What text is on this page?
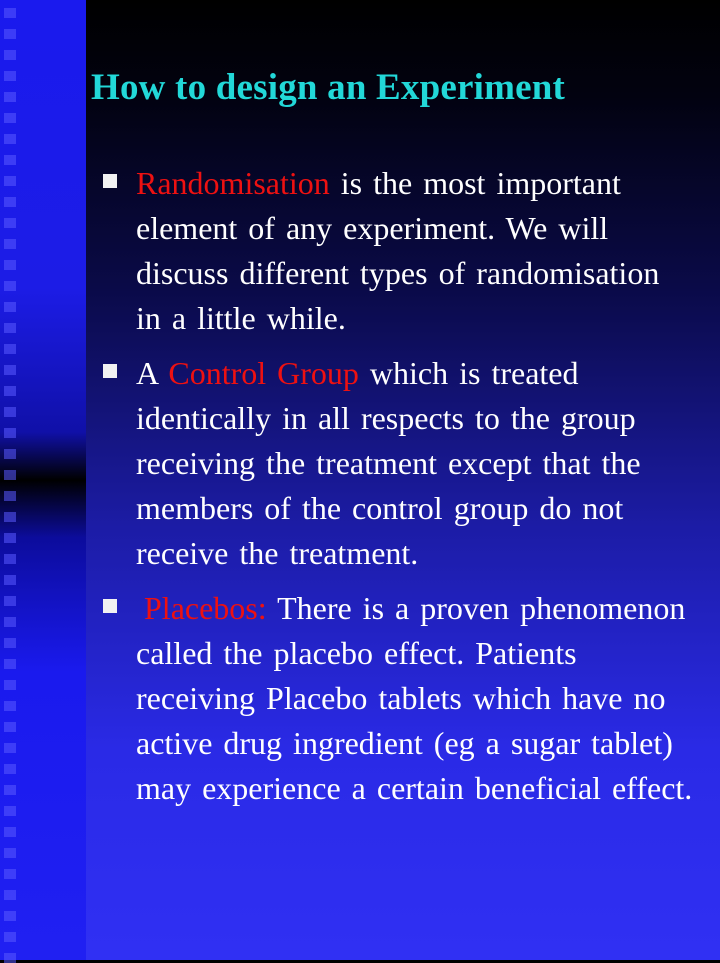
How to design an Experiment
Randomisation is the most important element of any experiment. We will discuss different types of randomisation in a little while.
A Control Group which is treated identically in all respects to the group receiving the treatment except that the members of the control group do not receive the treatment.
Placebos: There is a proven phenomenon called the placebo effect. Patients receiving Placebo tablets which have no active drug ingredient (eg a sugar tablet) may experience a certain beneficial effect.
